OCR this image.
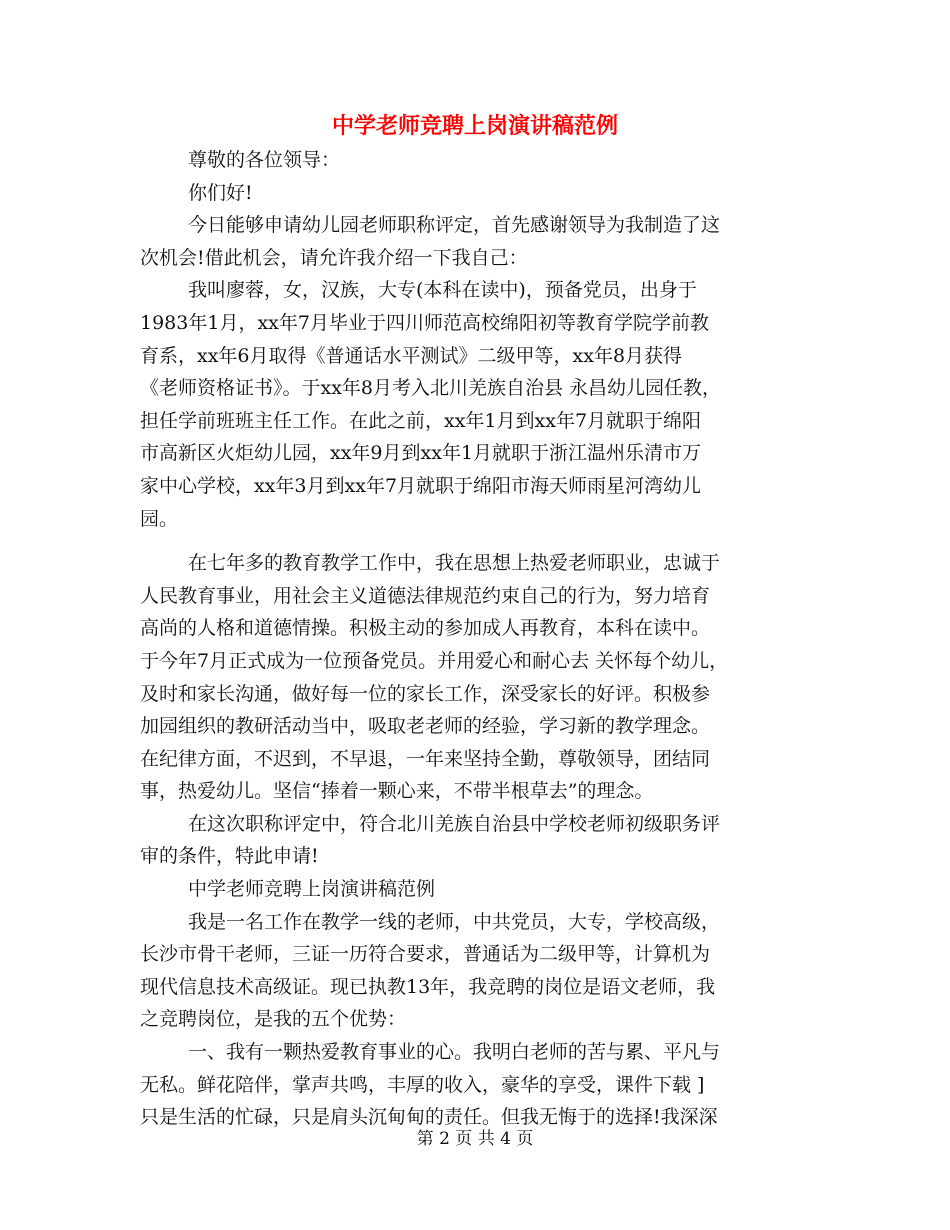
中学老师竞聘上岗演讲稿范例
尊敬的各位领导：
你们好!
今日能够申请幼儿园老师职称评定，首先感谢领导为我制造了这
次机会!借此机会，请允许我介绍一下我自己：
我叫廖蓉，女，汉族，大专(本科在读中)，预备党员，出身于
1983年1月，xx年7月毕业于四川师范高校绵阳初等教育学院学前教
育系，xx年6月取得《普通话水平测试》二级甲等，xx年8月获得
《老师资格证书》。于xx年8月考入北川羌族自治县 永昌幼儿园任教，
担任学前班班主任工作。在此之前，xx年1月到xx年7月就职于绵阳
市高新区火炬幼儿园，xx年9月到xx年1月就职于浙江温州乐清市万
家中心学校，xx年3月到xx年7月就职于绵阳市海天师雨星河湾幼儿
园。
在七年多的教育教学工作中，我在思想上热爱老师职业，忠诚于
人民教育事业，用社会主义道德法律规范约束自己的行为，努力培育
高尚的人格和道德情操。积极主动的参加成人再教育，本科在读中。
于今年7月正式成为一位预备党员。并用爱心和耐心去 关怀每个幼儿，
及时和家长沟通，做好每一位的家长工作，深受家长的好评。积极参
加园组织的教研活动当中，吸取老老师的经验，学习新的教学理念。
在纪律方面，不迟到，不早退，一年来坚持全勤，尊敬领导，团结同
事，热爱幼儿。坚信“捧着一颗心来，不带半根草去”的理念。
在这次职称评定中，符合北川羌族自治县中学校老师初级职务评
审的条件，特此申请!
中学老师竞聘上岗演讲稿范例
我是一名工作在教学一线的老师，中共党员，大专，学校高级，
长沙市骨干老师，三证一历符合要求，普通话为二级甲等，计算机为
现代信息技术高级证。现已执教13年，我竞聘的岗位是语文老师，我
之竞聘岗位，是我的五个优势：
一、我有一颗热爱教育事业的心。我明白老师的苦与累、平凡与
无私。鲜花陪伴，掌声共鸣，丰厚的收入，豪华的享受，课件下载 ]
只是生活的忙碌，只是肩头沉甸甸的责任。但我无悔于的选择!我深深
第 2 页 共 4 页
